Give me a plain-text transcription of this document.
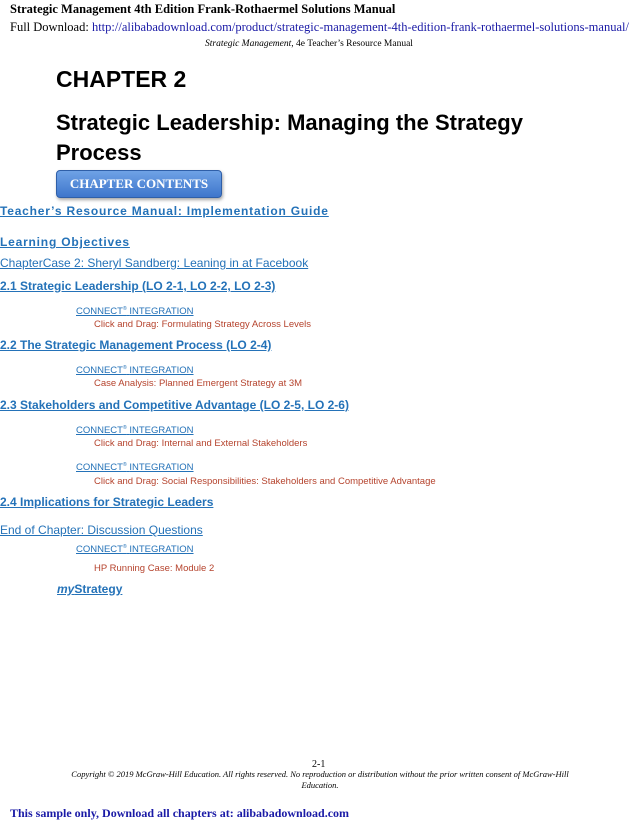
Strategic Management 4th Edition Frank-Rothaermel Solutions Manual
Full Download: http://alibabadownload.com/product/strategic-management-4th-edition-frank-rothaermel-solutions-manual/
Strategic Management, 4e Teacher’s Resource Manual
CHAPTER 2
Strategic Leadership: Managing the Strategy Process
CHAPTER CONTENTS
Teacher’s Resource Manual: Implementation Guide
Learning Objectives
ChapterCase 2: Sheryl Sandberg: Leaning in at Facebook
2.1 Strategic Leadership (LO 2-1, LO 2-2, LO 2-3)
CONNECT® INTEGRATION
Click and Drag: Formulating Strategy Across Levels
2.2 The Strategic Management Process (LO 2-4)
CONNECT® INTEGRATION
Case Analysis: Planned Emergent Strategy at 3M
2.3 Stakeholders and Competitive Advantage (LO 2-5, LO 2-6)
CONNECT® INTEGRATION
Click and Drag: Internal and External Stakeholders
CONNECT® INTEGRATION
Click and Drag: Social Responsibilities: Stakeholders and Competitive Advantage
2.4 Implications for Strategic Leaders
End of Chapter: Discussion Questions
CONNECT® INTEGRATION
HP Running Case: Module 2
myStrategy
2-1
Copyright © 2019 McGraw-Hill Education. All rights reserved. No reproduction or distribution without the prior written consent of McGraw-Hill Education.
This sample only, Download all chapters at: alibabadownload.com
